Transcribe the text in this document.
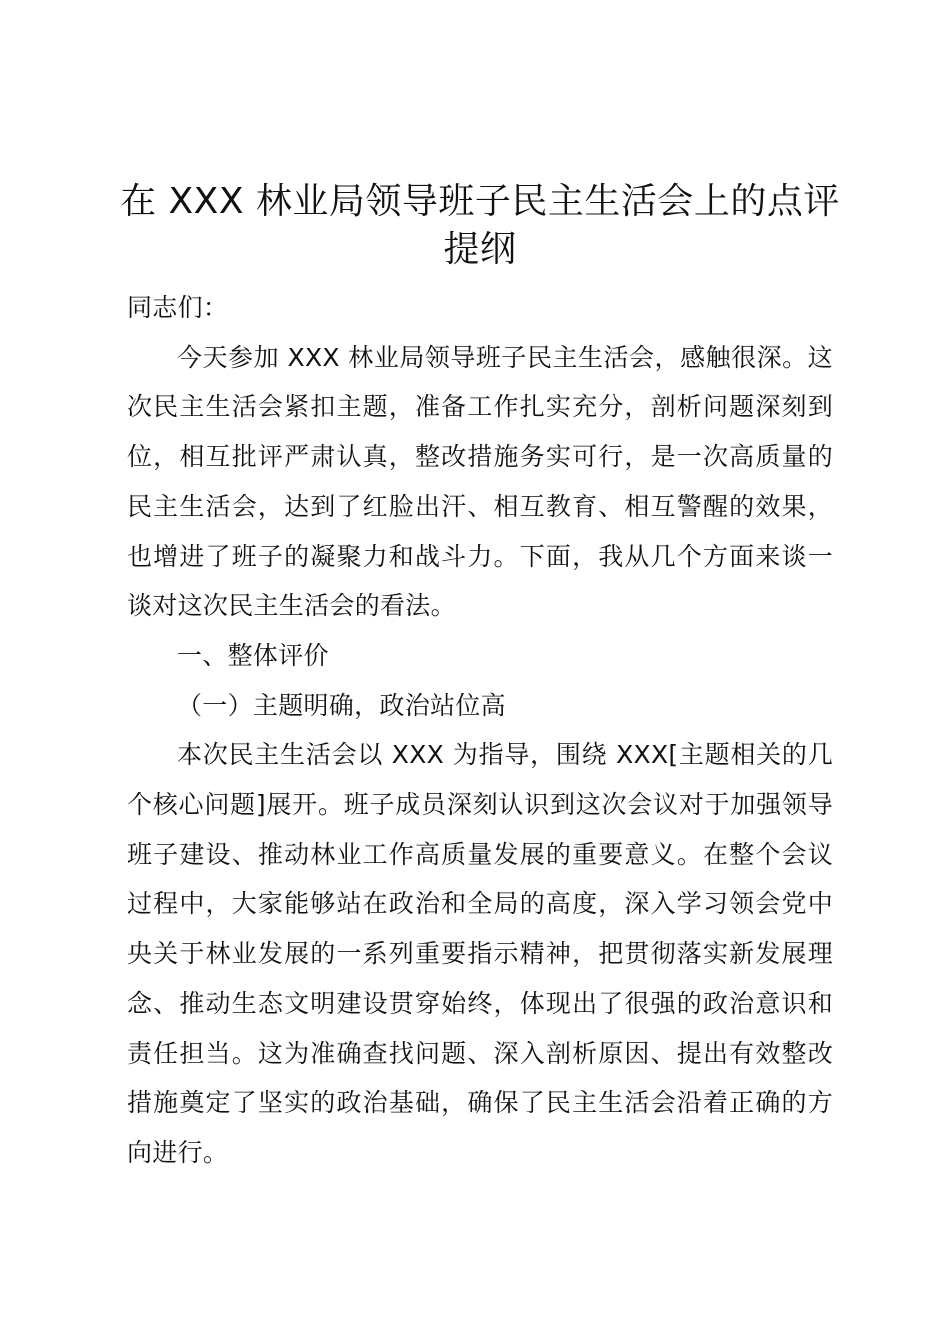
在 XXX 林业局领导班子民主生活会上的点评提纲

同志们：

今天参加 XXX 林业局领导班子民主生活会，感触很深。这次民主生活会紧扣主题，准备工作扎实充分，剖析问题深刻到位，相互批评严肃认真，整改措施务实可行，是一次高质量的民主生活会，达到了红脸出汗、相互教育、相互警醒的效果，也增进了班子的凝聚力和战斗力。下面，我从几个方面来谈一谈对这次民主生活会的看法。

一、整体评价

（一）主题明确，政治站位高

本次民主生活会以 XXX 为指导，围绕 XXX[主题相关的几个核心问题]展开。班子成员深刻认识到这次会议对于加强领导班子建设、推动林业工作高质量发展的重要意义。在整个会议过程中，大家能够站在政治和全局的高度，深入学习领会党中央关于林业发展的一系列重要指示精神，把贯彻落实新发展理念、推动生态文明建设贯穿始终，体现出了很强的政治意识和责任担当。这为准确查找问题、深入剖析原因、提出有效整改措施奠定了坚实的政治基础，确保了民主生活会沿着正确的方向进行。
